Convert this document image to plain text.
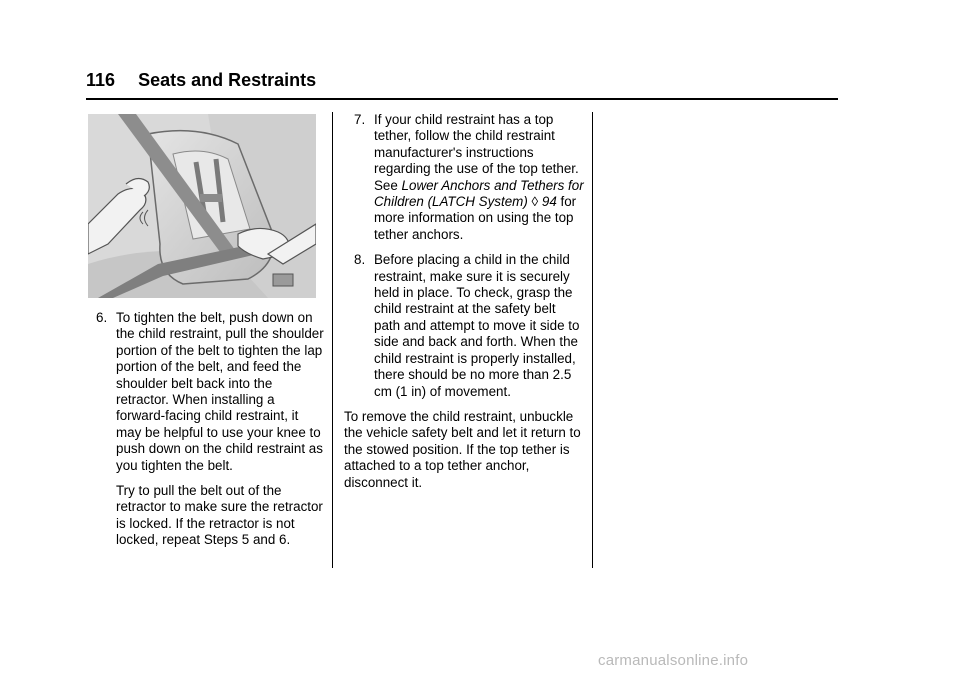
116 Seats and Restraints
6. To tighten the belt, push down on the child restraint, pull the shoulder portion of the belt to tighten the lap portion of the belt, and feed the shoulder belt back into the retractor. When installing a forward-facing child restraint, it may be helpful to use your knee to push down on the child restraint as you tighten the belt.
Try to pull the belt out of the retractor to make sure the retractor is locked. If the retractor is not locked, repeat Steps 5 and 6.
7. If your child restraint has a top tether, follow the child restraint manufacturer's instructions regarding the use of the top tether. See Lower Anchors and Tethers for Children (LATCH System) ◊ 94 for more information on using the top tether anchors.
8. Before placing a child in the child restraint, make sure it is securely held in place. To check, grasp the child restraint at the safety belt path and attempt to move it side to side and back and forth. When the child restraint is properly installed, there should be no more than 2.5 cm (1 in) of movement.

To remove the child restraint, unbuckle the vehicle safety belt and let it return to the stowed position. If the top tether is attached to a top tether anchor, disconnect it.

carmanualsonline.info
